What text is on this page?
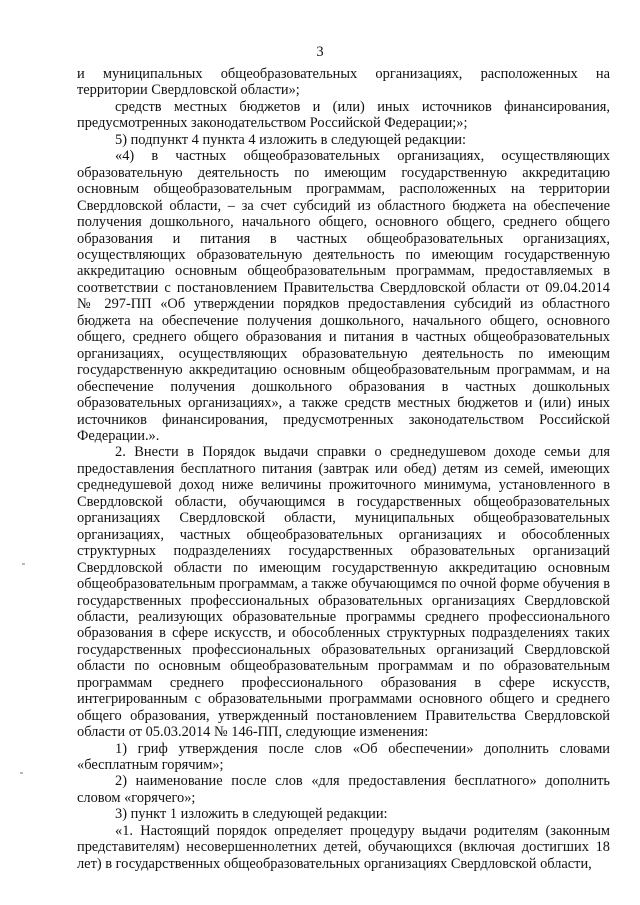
3

и муниципальных общеобразовательных организациях, расположенных на территории Свердловской области»;

средств местных бюджетов и (или) иных источников финансирования, предусмотренных законодательством Российской Федерации;»;

5) подпункт 4 пункта 4 изложить в следующей редакции:

«4) в частных общеобразовательных организациях, осуществляющих образовательную деятельность по имеющим государственную аккредитацию основным общеобразовательным программам, расположенных на территории Свердловской области, – за счет субсидий из областного бюджета на обеспечение получения дошкольного, начального общего, основного общего, среднего общего образования и питания в частных общеобразовательных организациях, осуществляющих образовательную деятельность по имеющим государственную аккредитацию основным общеобразовательным программам, предоставляемых в соответствии с постановлением Правительства Свердловской области от 09.04.2014 № 297-ПП «Об утверждении порядков предоставления субсидий из областного бюджета на обеспечение получения дошкольного, начального общего, основного общего, среднего общего образования и питания в частных общеобразовательных организациях, осуществляющих образовательную деятельность по имеющим государственную аккредитацию основным общеобразовательным программам, и на обеспечение получения дошкольного образования в частных дошкольных образовательных организациях», а также средств местных бюджетов и (или) иных источников финансирования, предусмотренных законодательством Российской Федерации.».

2. Внести в Порядок выдачи справки о среднедушевом доходе семьи для предоставления бесплатного питания (завтрак или обед) детям из семей, имеющих среднедушевой доход ниже величины прожиточного минимума, установленного в Свердловской области, обучающимся в государственных общеобразовательных организациях Свердловской области, муниципальных общеобразовательных организациях, частных общеобразовательных организациях и обособленных структурных подразделениях государственных образовательных организаций Свердловской области по имеющим государственную аккредитацию основным общеобразовательным программам, а также обучающимся по очной форме обучения в государственных профессиональных образовательных организациях Свердловской области, реализующих образовательные программы среднего профессионального образования в сфере искусств, и обособленных структурных подразделениях таких государственных профессиональных образовательных организаций Свердловской области по основным общеобразовательным программам и по образовательным программам среднего профессионального образования в сфере искусств, интегрированным с образовательными программами основного общего и среднего общего образования, утвержденный постановлением Правительства Свердловской области от 05.03.2014 № 146-ПП, следующие изменения:

1) гриф утверждения после слов «Об обеспечении» дополнить словами «бесплатным горячим»;

2) наименование после слов «для предоставления бесплатного» дополнить словом «горячего»;

3) пункт 1 изложить в следующей редакции:

«1. Настоящий порядок определяет процедуру выдачи родителям (законным представителям) несовершеннолетних детей, обучающихся (включая достигших 18 лет) в государственных общеобразовательных организациях Свердловской области,
